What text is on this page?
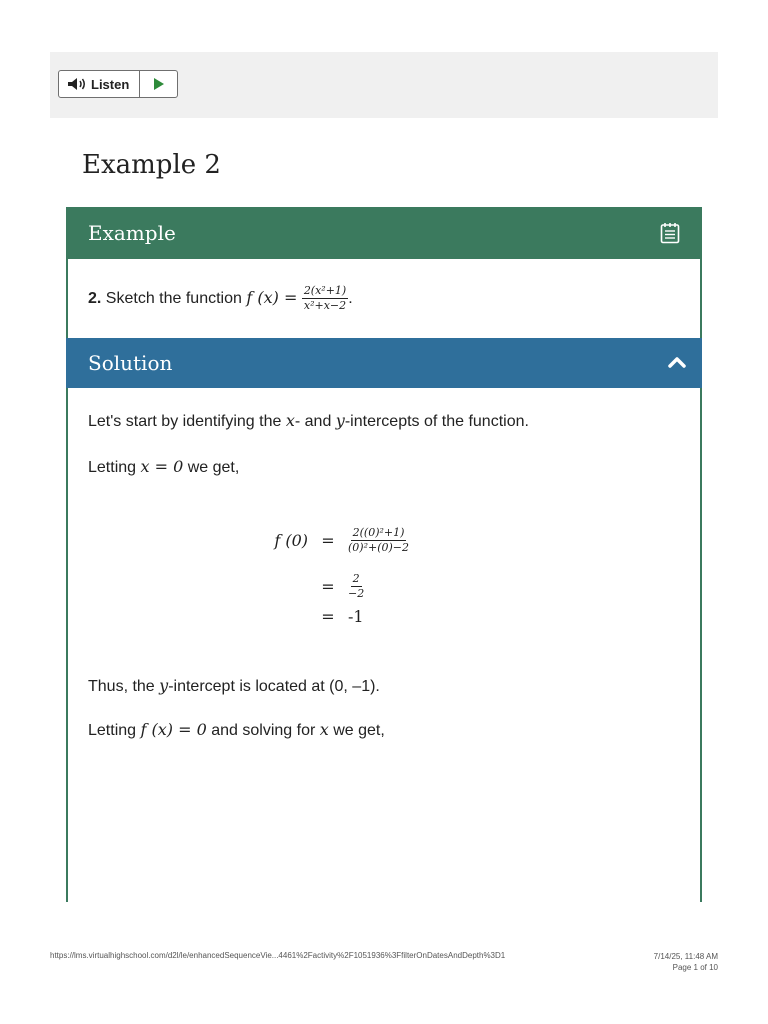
Listen
Example 2
Example
2. Sketch the function f $(x) = \frac{\text{2(x²+1)}}{\text{x²+x−2}}$ .
Solution
Let's start by identifying the x- and y-intercepts of the function.
Letting x = 0 we get,
f (0) =	$\frac{\text{2((0)²+1)}}{\text{(0)²+(0)−2}}$
=	$\frac{2}{-2}$
= -1
Thus, the y-intercept is located at (0, –1).
Letting f (x) = 0 and solving for x we get,
https://lms.virtualhighschool.com/d2l/le/enhancedSequenceVie...4461%2Factivity%2F1051936%3FfilterOnDatesAndDepth%3D1	7/14/25, 11:48 AM
Page 1 of 10
